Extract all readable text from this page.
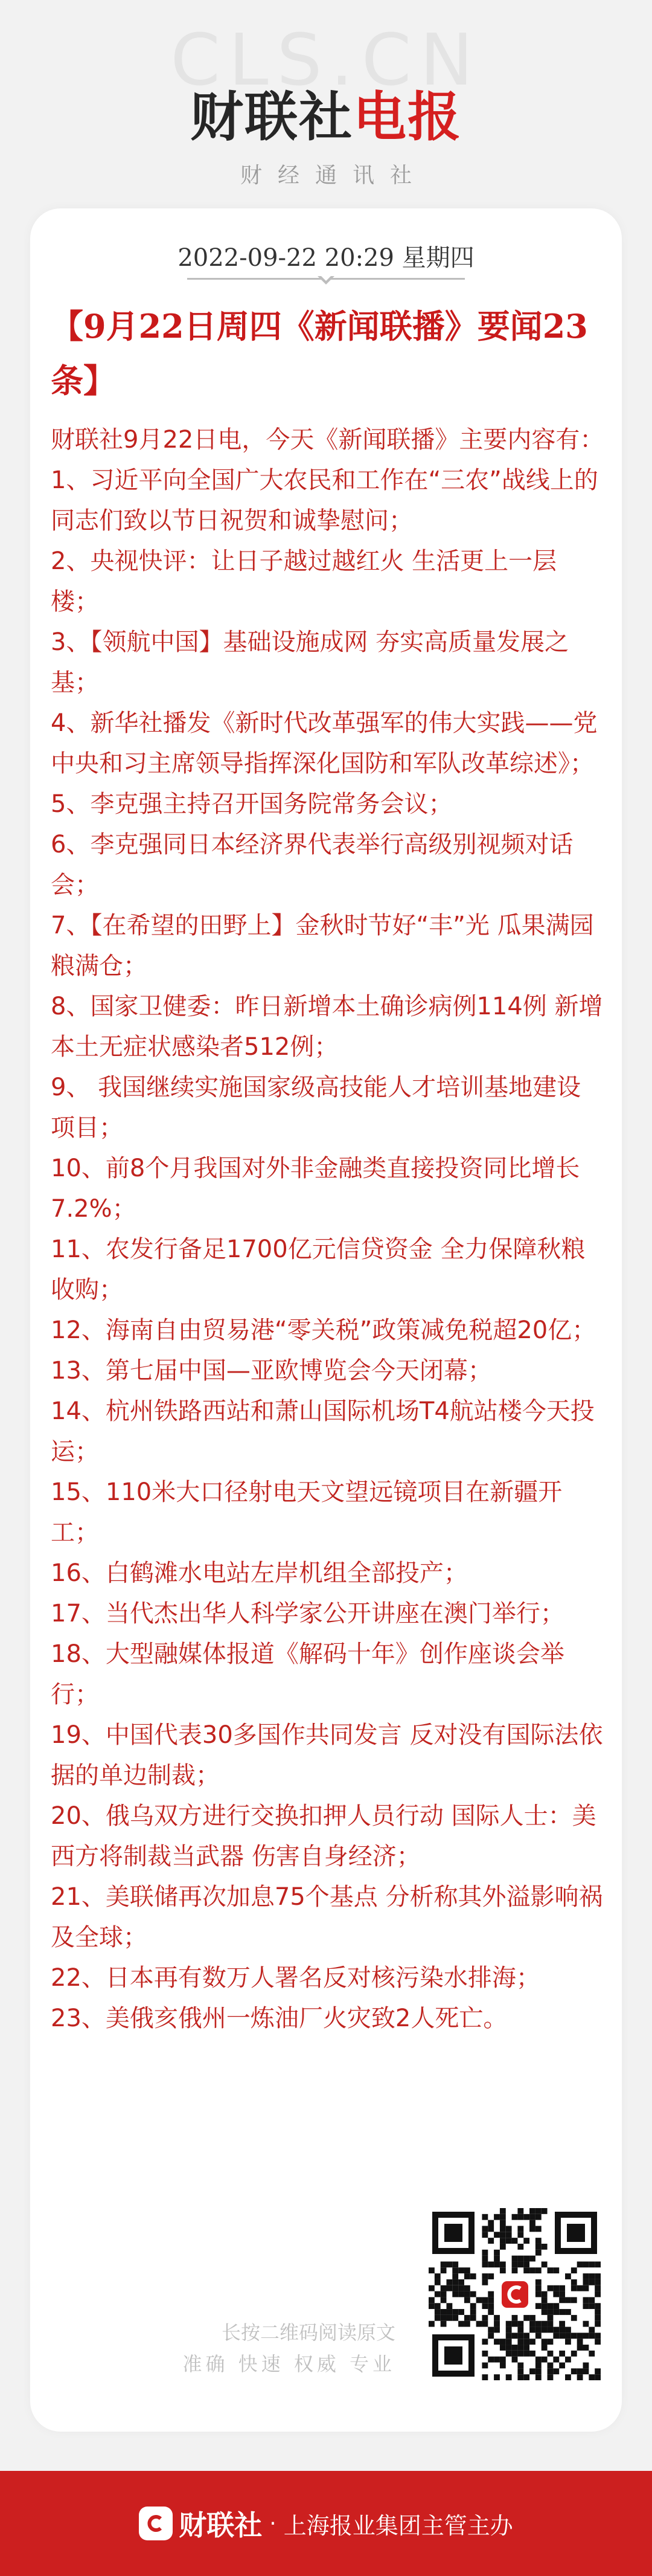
CLS.CN
财联社电报
财经通讯社
2022-09-22 20:29 星期四
【9月22日周四《新闻联播》要闻23条】

财联社9月22日电，今天《新闻联播》主要内容有：

1、习近平向全国广大农民和工作在“三农”战线上的同志们致以节日祝贺和诚挚慰问；

2、央视快评：让日子越过越红火 生活更上一层楼；

3、【领航中国】基础设施成网 夯实高质量发展之基；

4、新华社播发《新时代改革强军的伟大实践——党中央和习主席领导指挥深化国防和军队改革综述》；

5、李克强主持召开国务院常务会议；

6、李克强同日本经济界代表举行高级别视频对话会；

7、【在希望的田野上】金秋时节好“丰”光 瓜果满园粮满仓；

8、国家卫健委：昨日新增本土确诊病例114例 新增本土无症状感染者512例；

9、 我国继续实施国家级高技能人才培训基地建设项目；

10、前8个月我国对外非金融类直接投资同比增长7.2%；

11、农发行备足1700亿元信贷资金 全力保障秋粮收购；

12、海南自由贸易港“零关税”政策减免税超20亿；

13、第七届中国—亚欧博览会今天闭幕；

14、杭州铁路西站和萧山国际机场T4航站楼今天投运；

15、110米大口径射电天文望远镜项目在新疆开工；

16、白鹤滩水电站左岸机组全部投产；

17、当代杰出华人科学家公开讲座在澳门举行；

18、大型融媒体报道《解码十年》创作座谈会举行；

19、中国代表30多国作共同发言 反对没有国际法依据的单边制裁；

20、俄乌双方进行交换扣押人员行动 国际人士：美西方将制裁当武器 伤害自身经济；

21、美联储再次加息75个基点 分析称其外溢影响祸及全球；

22、日本再有数万人署名反对核污染水排海；

23、美俄亥俄州一炼油厂火灾致2人死亡。

长按二维码阅读原文
准确 快速 权威 专业
财联社 · 上海报业集团主管主办
